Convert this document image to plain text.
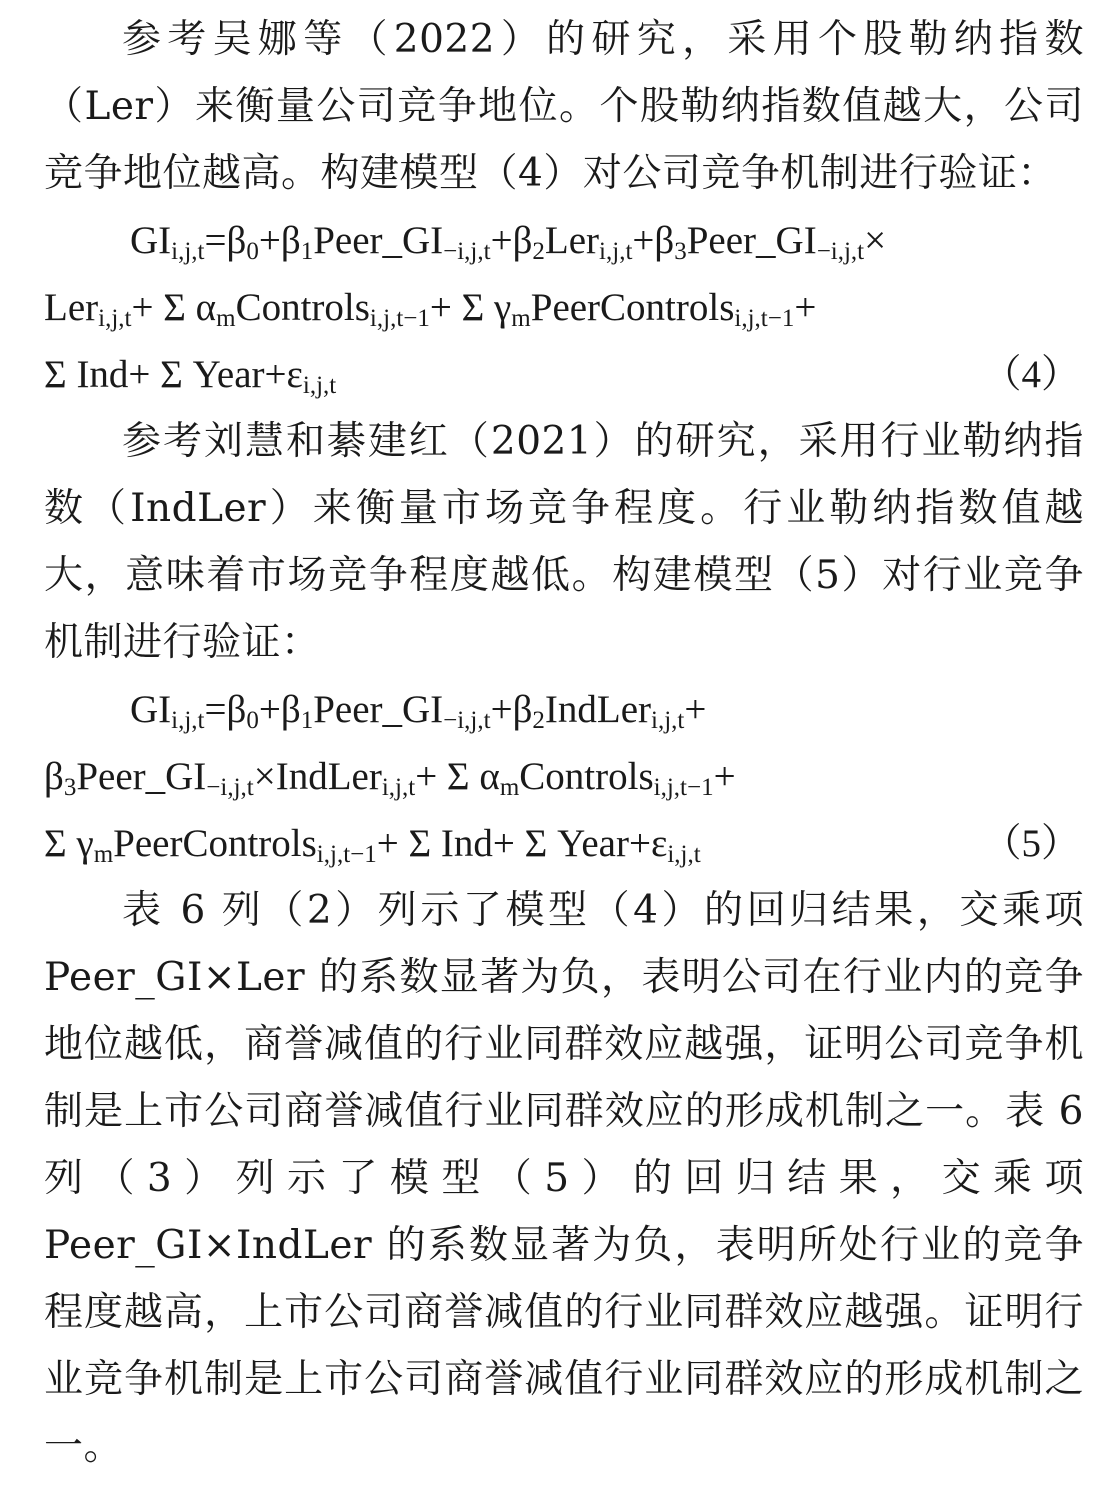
参考吴娜等（2022）的研究，采用个股勒纳指数（Ler）来衡量公司竞争地位。个股勒纳指数值越大，公司竞争地位越高。构建模型（4）对公司竞争机制进行验证：

$GI_{i,j,t}=\beta_0+\beta_1Peer\_GI_{-i,j,t}+\beta_2Ler_{i,j,t}+\beta_3Peer\_GI_{-i,j,t}\times$
Ler$_{i,j,t}$+ Σ $\alpha_mControls_{i,j,t-1}+ \Sigma$ $\gamma_mPeerControls_{i,j,t-1}+$
Σ Ind+ Σ $Year+\varepsilon_{i,j,t}$	（4）

参考刘慧和綦建红（2021）的研究，采用行业勒纳指数（IndLer）来衡量市场竞争程度。行业勒纳指数值越大，意味着市场竞争程度越低。构建模型（5）对行业竞争机制进行验证：

$GI_{i,j,t}=\beta_0+\beta_1Peer\_GI_{-i,j,t}+\beta_2IndLer_{i,j,t}+$
$\beta_3Peer\_GI_{-i,j,t}\times IndLer_{i,j,t}+ \Sigma$ $\alpha_mControls_{i,j,t-1}+$
Σ $\gamma_mPeerControls_{i,j,t-1}+ \Sigma$ Ind+ Σ $Year+\varepsilon_{i,j,t}$	（5）

表 6 列（2）列示了模型（4）的回归结果，交乘项 Peer_GI×Ler 的系数显著为负，表明公司在行业内的竞争地位越低，商誉减值的行业同群效应越强，证明公司竞争机制是上市公司商誉减值行业同群效应的形成机制之一。表 6 列（3）列示了模型（5）的回归结果，交乘项 Peer_GI×IndLer 的系数显著为负，表明所处行业的竞争程度越高，上市公司商誉减值的行业同群效应越强。证明行业竞争机制是上市公司商誉减值行业同群效应的形成机制之一。
